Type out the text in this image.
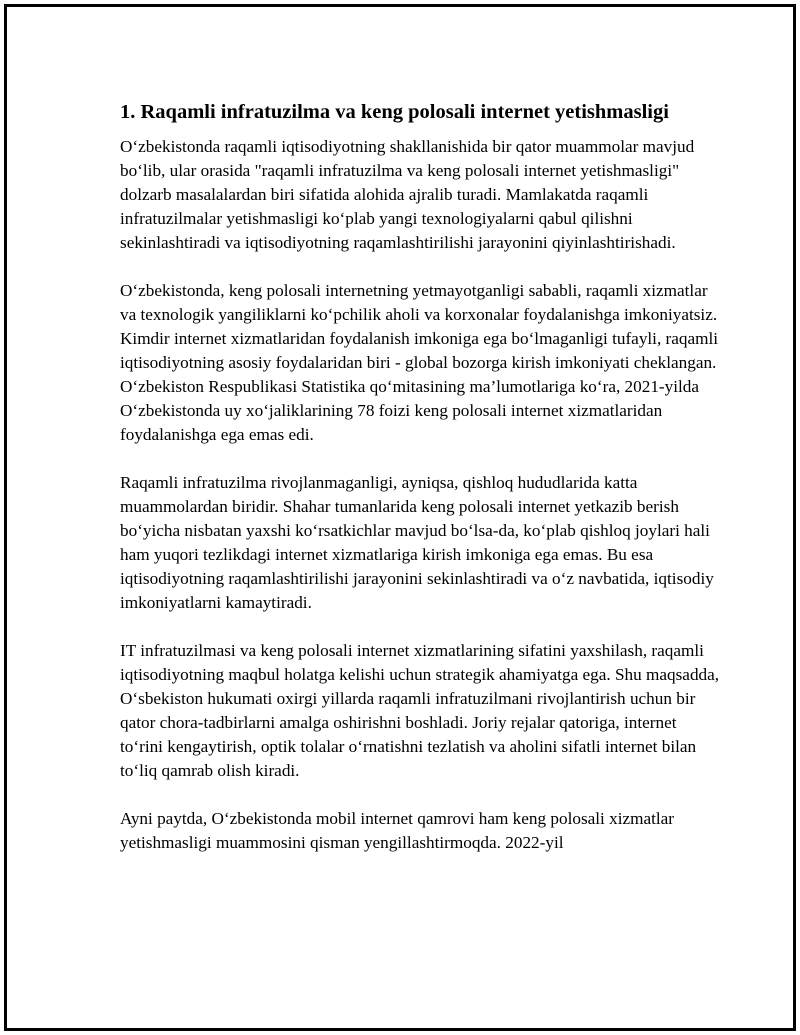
1. Raqamli infratuzilma va keng polosali internet yetishmasligi

O‘zbekistonda raqamli iqtisodiyotning shakllanishida bir qator muammolar mavjud bo‘lib, ular orasida "raqamli infratuzilma va keng polosali internet yetishmasligi" dolzarb masalalardan biri sifatida alohida ajralib turadi. Mamlakatda raqamli infratuzilmalar yetishmasligi ko‘plab yangi texnologiyalarni qabul qilishni sekinlashtiradi va iqtisodiyotning raqamlashtirilishi jarayonini qiyinlashtirishadi.

O‘zbekistonda, keng polosali internetning yetmayotganligi sababli, raqamli xizmatlar va texnologik yangiliklarni ko‘pchilik aholi va korxonalar foydalanishga imkoniyatsiz. Kimdir internet xizmatlaridan foydalanish imkoniga ega bo‘lmaganligi tufayli, raqamli iqtisodiyotning asosiy foydalaridan biri - global bozorga kirish imkoniyati cheklangan. O‘zbekiston Respublikasi Statistika qo‘mitasining ma’lumotlariga ko‘ra, 2021-yilda O‘zbekistonda uy xo‘jaliklarining 78 foizi keng polosali internet xizmatlaridan foydalanishga ega emas edi.

Raqamli infratuzilma rivojlanmaganligi, ayniqsa, qishloq hududlarida katta muammolardan biridir. Shahar tumanlarida keng polosali internet yetkazib berish bo‘yicha nisbatan yaxshi ko‘rsatkichlar mavjud bo‘lsa-da, ko‘plab qishloq joylari hali ham yuqori tezlikdagi internet xizmatlariga kirish imkoniga ega emas. Bu esa iqtisodiyotning raqamlashtirilishi jarayonini sekinlashtiradi va o‘z navbatida, iqtisodiy imkoniyatlarni kamaytiradi.

IT infratuzilmasi va keng polosali internet xizmatlarining sifatini yaxshilash, raqamli iqtisodiyotning maqbul holatga kelishi uchun strategik ahamiyatga ega. Shu maqsadda, O‘sbekiston hukumati oxirgi yillarda raqamli infratuzilmani rivojlantirish uchun bir qator chora-tadbirlarni amalga oshirishni boshladi. Joriy rejalar qatoriga, internet to‘rini kengaytirish, optik tolalar o‘rnatishni tezlatish va aholini sifatli internet bilan to‘liq qamrab olish kiradi.

Ayni paytda, O‘zbekistonda mobil internet qamrovi ham keng polosali xizmatlar yetishmasligi muammosini qisman yengillashtirmoqda. 2022-yil
